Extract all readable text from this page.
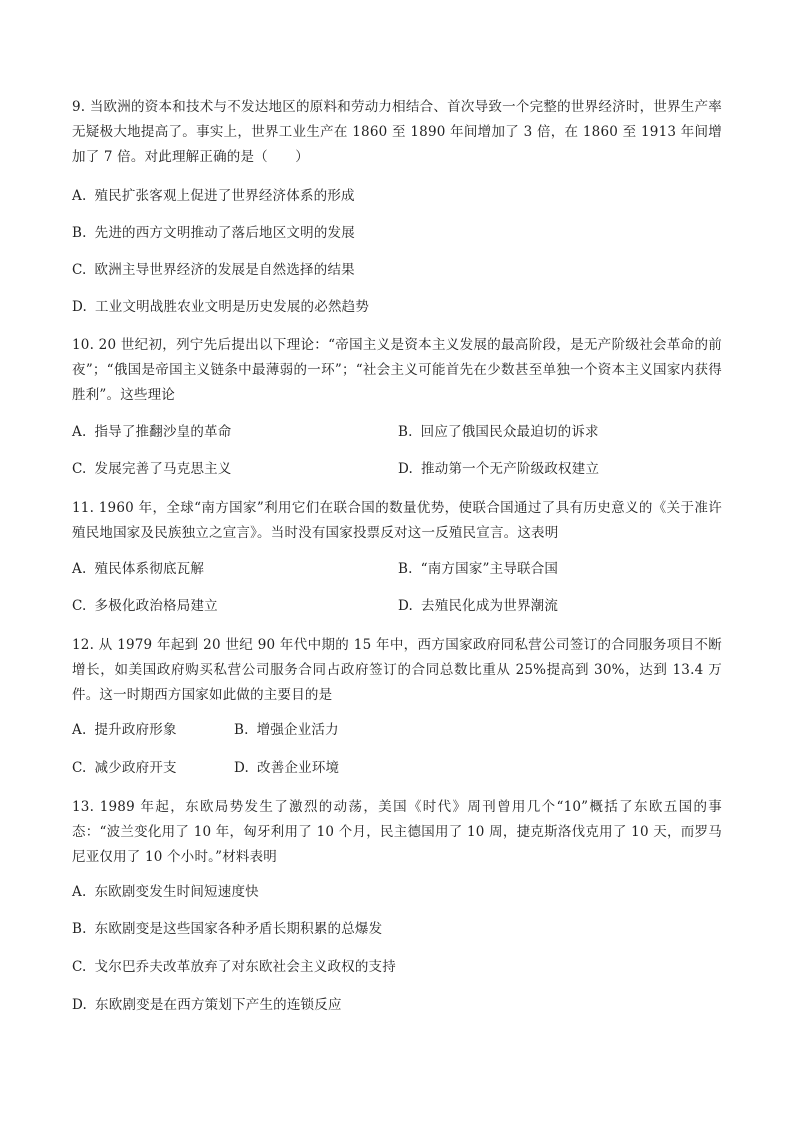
9. 当欧洲的资本和技术与不发达地区的原料和劳动力相结合、首次导致一个完整的世界经济时，世界生产率无疑极大地提高了。事实上，世界工业生产在 1860 至 1890 年间增加了 3 倍，在 1860 至 1913 年间增加了 7 倍。对此理解正确的是（　　）
A. 殖民扩张客观上促进了世界经济体系的形成
B. 先进的西方文明推动了落后地区文明的发展
C. 欧洲主导世界经济的发展是自然选择的结果
D. 工业文明战胜农业文明是历史发展的必然趋势
10. 20 世纪初，列宁先后提出以下理论：“帝国主义是资本主义发展的最高阶段，是无产阶级社会革命的前夜”；“俄国是帝国主义链条中最薄弱的一环”；“社会主义可能首先在少数甚至单独一个资本主义国家内获得胜利”。这些理论
A. 指导了推翻沙皇的革命	B. 回应了俄国民众最迫切的诉求
C. 发展完善了马克思主义	D. 推动第一个无产阶级政权建立
11. 1960 年，全球“南方国家”利用它们在联合国的数量优势，使联合国通过了具有历史意义的《关于准许殖民地国家及民族独立之宣言》。当时没有国家投票反对这一反殖民宣言。这表明
A. 殖民体系彻底瓦解	B. “南方国家”主导联合国
C. 多极化政治格局建立	D. 去殖民化成为世界潮流
12. 从 1979 年起到 20 世纪 90 年代中期的 15 年中，西方国家政府同私营公司签订的合同服务项目不断增长，如美国政府购买私营公司服务合同占政府签订的合同总数比重从 25%提高到 30%，达到 13.4 万件。这一时期西方国家如此做的主要目的是
A. 提升政府形象	B. 增强企业活力
C. 减少政府开支	D. 改善企业环境
13. 1989 年起，东欧局势发生了激烈的动荡，美国《时代》周刊曾用几个“10”概括了东欧五国的事态：“波兰变化用了 10 年，匈牙利用了 10 个月，民主德国用了 10 周，捷克斯洛伐克用了 10 天，而罗马尼亚仅用了 10 个小时。”材料表明
A. 东欧剧变发生时间短速度快
B. 东欧剧变是这些国家各种矛盾长期积累的总爆发
C. 戈尔巴乔夫改革放弃了对东欧社会主义政权的支持
D. 东欧剧变是在西方策划下产生的连锁反应
